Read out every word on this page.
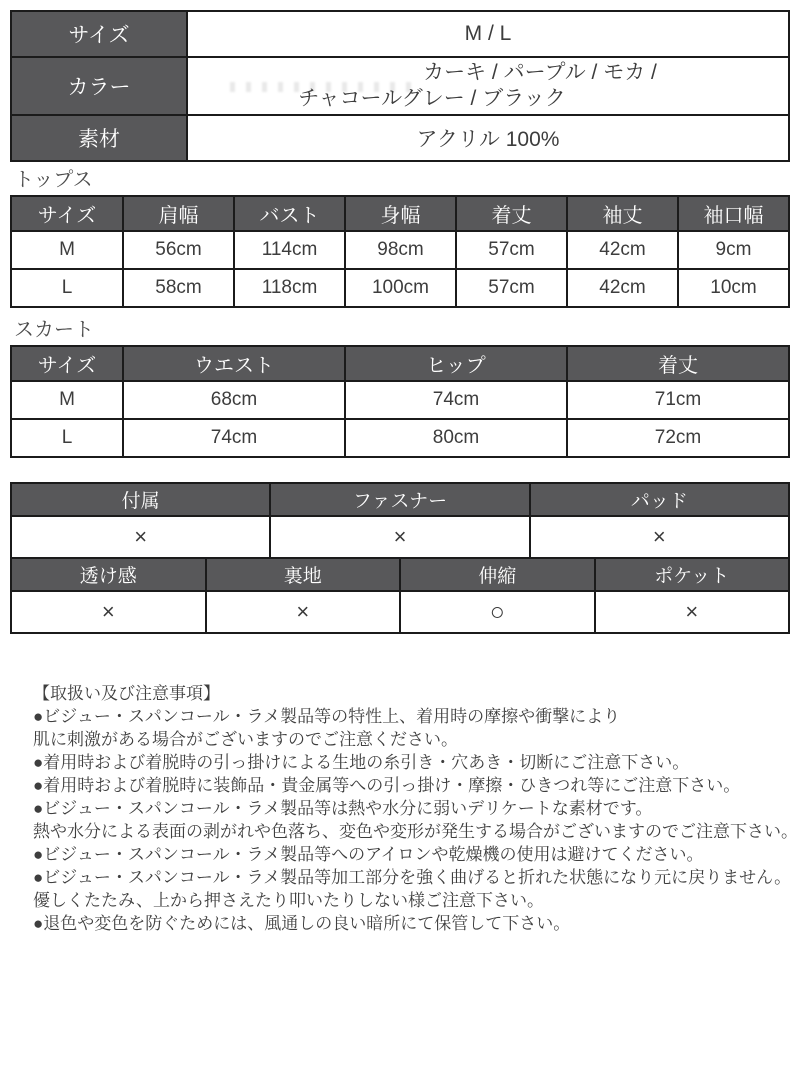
サイズ	M / L
カラー	カーキ / パープル / モカ /
チャコールグレー / ブラック

素材	アクリル 100%
トップス
サイズ	肩幅	バスト	身幅	着丈	袖丈	袖口幅
M	56cm	114cm	98cm	57cm	42cm	9cm
L	58cm	118cm	100cm	57cm	42cm	10cm
スカート
サイズ	ウエスト	ヒップ	着丈
M	68cm	74cm	71cm
L	74cm	80cm	72cm
付属	ファスナー	パッド
×	×	×
透け感	裏地	伸縮	ポケット
×	×	○	×
【取扱い及び注意事項】
●ビジュー・スパンコール・ラメ製品等の特性上、着用時の摩擦や衝撃により
肌に刺激がある場合がございますのでご注意ください。
●着用時および着脱時の引っ掛けによる生地の糸引き・穴あき・切断にご注意下さい。
●着用時および着脱時に装飾品・貴金属等への引っ掛け・摩擦・ひきつれ等にご注意下さい。
●ビジュー・スパンコール・ラメ製品等は熱や水分に弱いデリケートな素材です。
熱や水分による表面の剥がれや色落ち、変色や変形が発生する場合がございますのでご注意下さい。
●ビジュー・スパンコール・ラメ製品等へのアイロンや乾燥機の使用は避けてください。
●ビジュー・スパンコール・ラメ製品等加工部分を強く曲げると折れた状態になり元に戻りません。
優しくたたみ、上から押さえたり叩いたりしない様ご注意下さい。
●退色や変色を防ぐためには、風通しの良い暗所にて保管して下さい。
